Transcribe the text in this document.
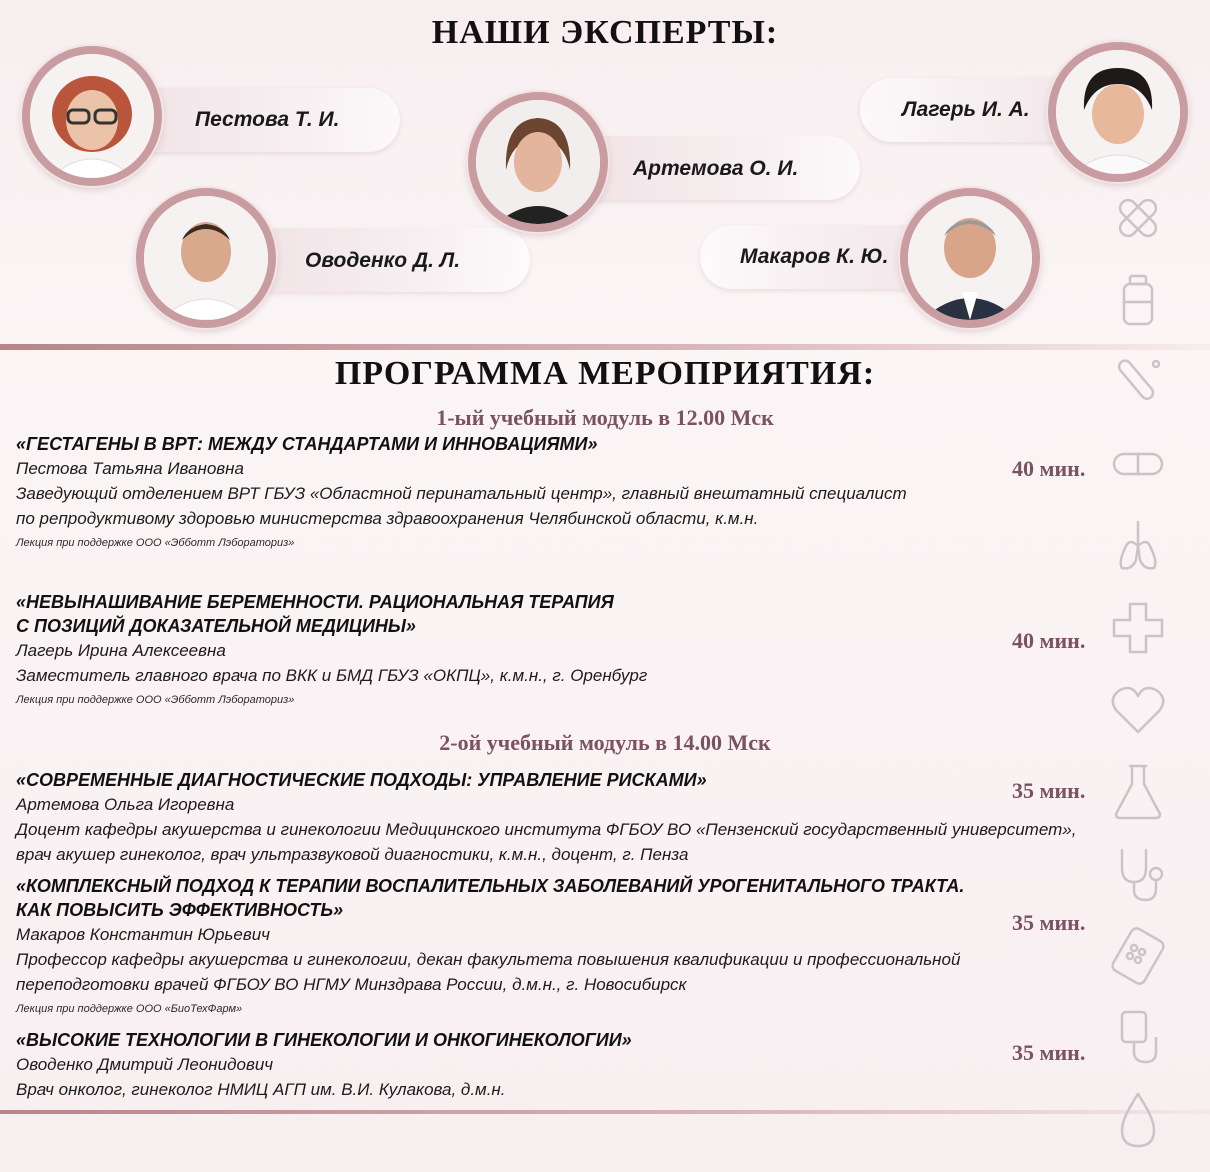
НАШИ ЭКСПЕРТЫ:
Пестова Т. И.
Оводенко Д. Л.
Артемова О. И.
Лагерь И. А.
Макаров К. Ю.
ПРОГРАММА МЕРОПРИЯТИЯ:
1-ый учебный модуль в 12.00 Мск
«ГЕСТАГЕНЫ В ВРТ: МЕЖДУ СТАНДАРТАМИ И ИННОВАЦИЯМИ»
Пестова Татьяна Ивановна
Заведующий отделением ВРТ ГБУЗ «Областной перинатальный центр», главный внештатный специалист
по репродуктивому здоровью министерства здравоохранения Челябинской области, к.м.н.
Лекция при поддержке ООО «Эбботт Лэбораториз»
40 мин.
«НЕВЫНАШИВАНИЕ БЕРЕМЕННОСТИ. РАЦИОНАЛЬНАЯ ТЕРАПИЯ
С ПОЗИЦИЙ ДОКАЗАТЕЛЬНОЙ МЕДИЦИНЫ»
Лагерь Ирина Алексеевна
Заместитель главного врача по ВКК и БМД ГБУЗ «ОКПЦ», к.м.н., г. Оренбург
Лекция при поддержке ООО «Эбботт Лэбораториз»
40 мин.
2-ой учебный модуль в 14.00 Мск
«СОВРЕМЕННЫЕ ДИАГНОСТИЧЕСКИЕ ПОДХОДЫ: УПРАВЛЕНИЕ РИСКАМИ»
Артемова Ольга Игоревна
Доцент кафедры акушерства и гинекологии Медицинского института ФГБОУ ВО «Пензенский государственный университет»,
врач акушер гинеколог, врач ультразвуковой диагностики, к.м.н., доцент, г. Пенза
35 мин.
«КОМПЛЕКСНЫЙ ПОДХОД К ТЕРАПИИ ВОСПАЛИТЕЛЬНЫХ ЗАБОЛЕВАНИЙ УРОГЕНИТАЛЬНОГО ТРАКТА.
КАК ПОВЫСИТЬ ЭФФЕКТИВНОСТЬ»
Макаров Константин Юрьевич
Профессор кафедры акушерства и гинекологии, декан факультета повышения квалификации и профессиональной
переподготовки врачей ФГБОУ ВО НГМУ Минздрава России, д.м.н., г. Новосибирск
Лекция при поддержке ООО «БиоТехФарм»
35 мин.
«ВЫСОКИЕ ТЕХНОЛОГИИ В ГИНЕКОЛОГИИ И ОНКОГИНЕКОЛОГИИ»
Оводенко Дмитрий Леонидович
Врач онколог, гинеколог НМИЦ АГП им. В.И. Кулакова, д.м.н.
35 мин.
